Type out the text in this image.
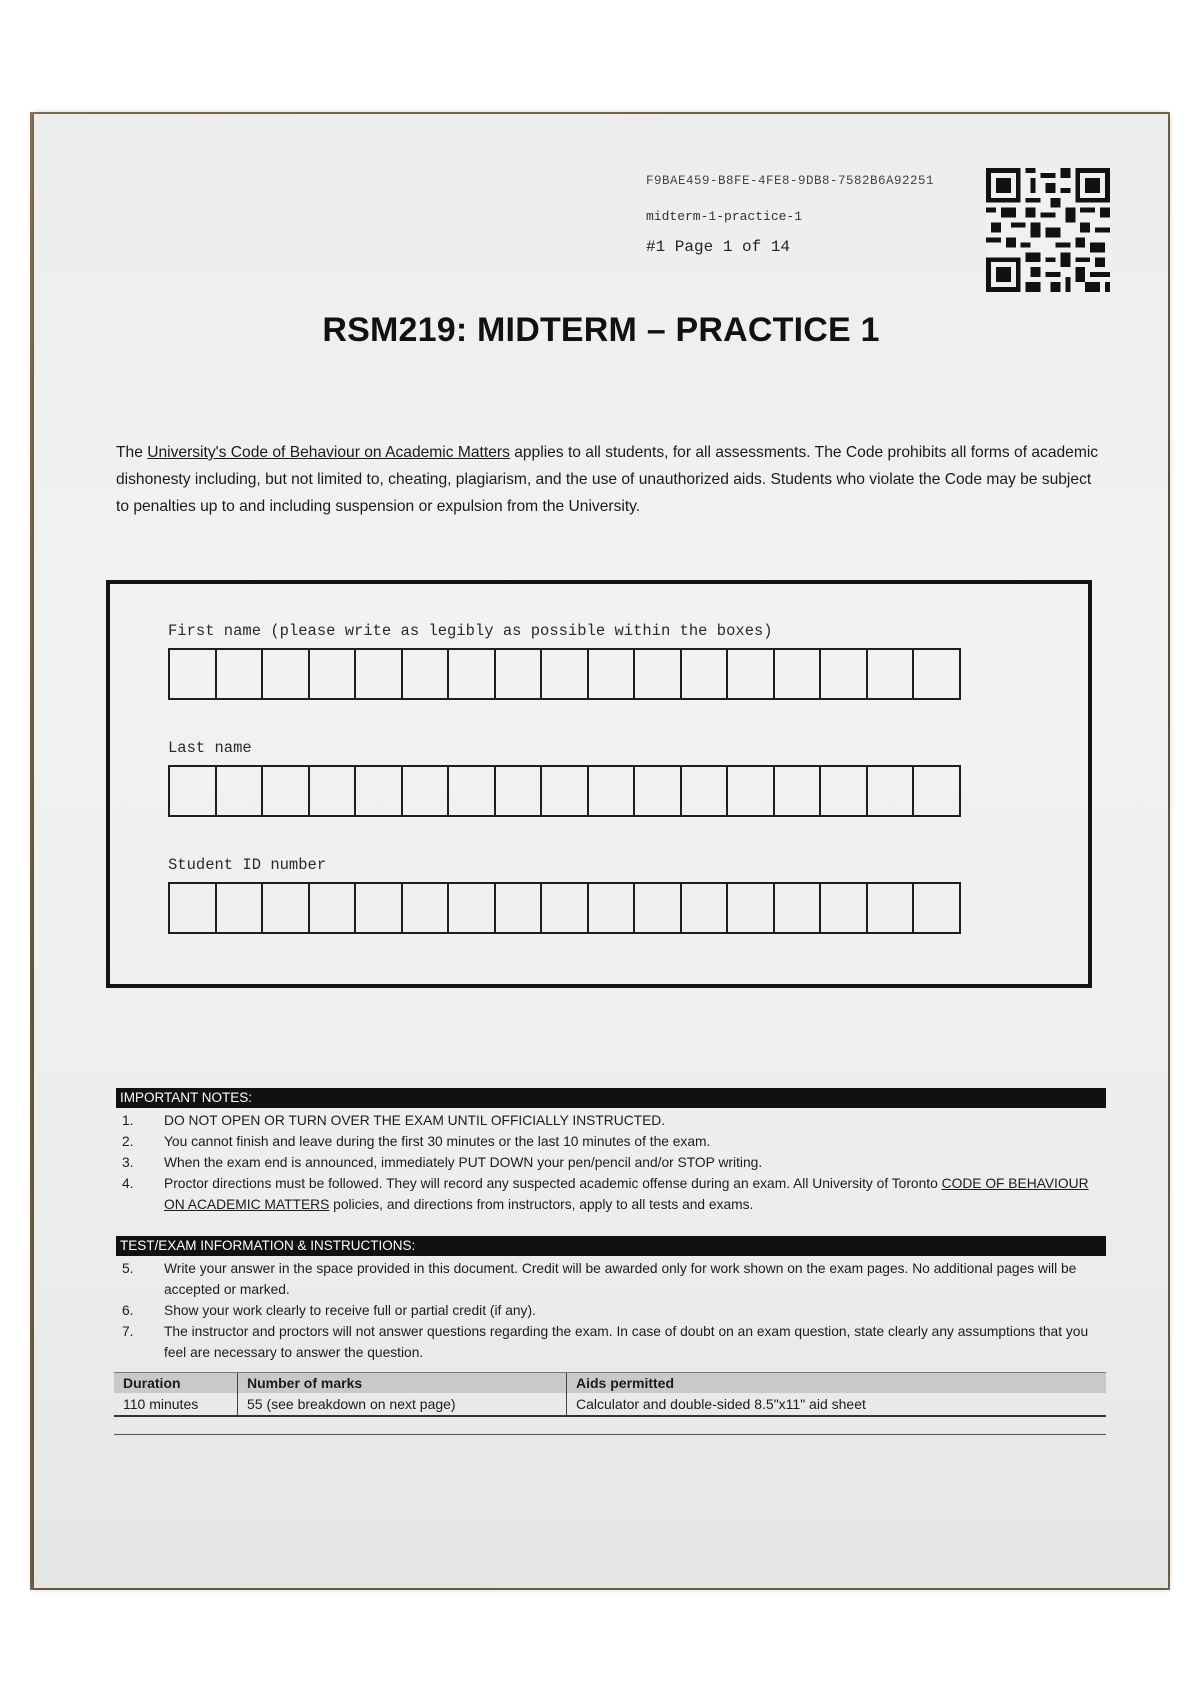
F9BAE459-B8FE-4FE8-9DB8-7582B6A92251
midterm-1-practice-1
#1 Page 1 of 14
RSM219: MIDTERM – PRACTICE 1
The University's Code of Behaviour on Academic Matters applies to all students, for all assessments. The Code prohibits all forms of academic dishonesty including, but not limited to, cheating, plagiarism, and the use of unauthorized aids. Students who violate the Code may be subject to penalties up to and including suspension or expulsion from the University.
First name (please write as legibly as possible within the boxes)
Last name
Student ID number
IMPORTANT NOTES:
1.	DO NOT OPEN OR TURN OVER THE EXAM UNTIL OFFICIALLY INSTRUCTED.
2.	You cannot finish and leave during the first 30 minutes or the last 10 minutes of the exam.
3.	When the exam end is announced, immediately PUT DOWN your pen/pencil and/or STOP writing.
4.	Proctor directions must be followed. They will record any suspected academic offense during an exam. All University of Toronto CODE OF BEHAVIOUR ON ACADEMIC MATTERS policies, and directions from instructors, apply to all tests and exams.
TEST/EXAM INFORMATION & INSTRUCTIONS:
5.	Write your answer in the space provided in this document. Credit will be awarded only for work shown on the exam pages. No additional pages will be accepted or marked.
6.	Show your work clearly to receive full or partial credit (if any).
7.	The instructor and proctors will not answer questions regarding the exam. In case of doubt on an exam question, state clearly any assumptions that you feel are necessary to answer the question.
Duration	Number of marks	Aids permitted
110 minutes	55 (see breakdown on next page)	Calculator and double-sided 8.5"x11" aid sheet
